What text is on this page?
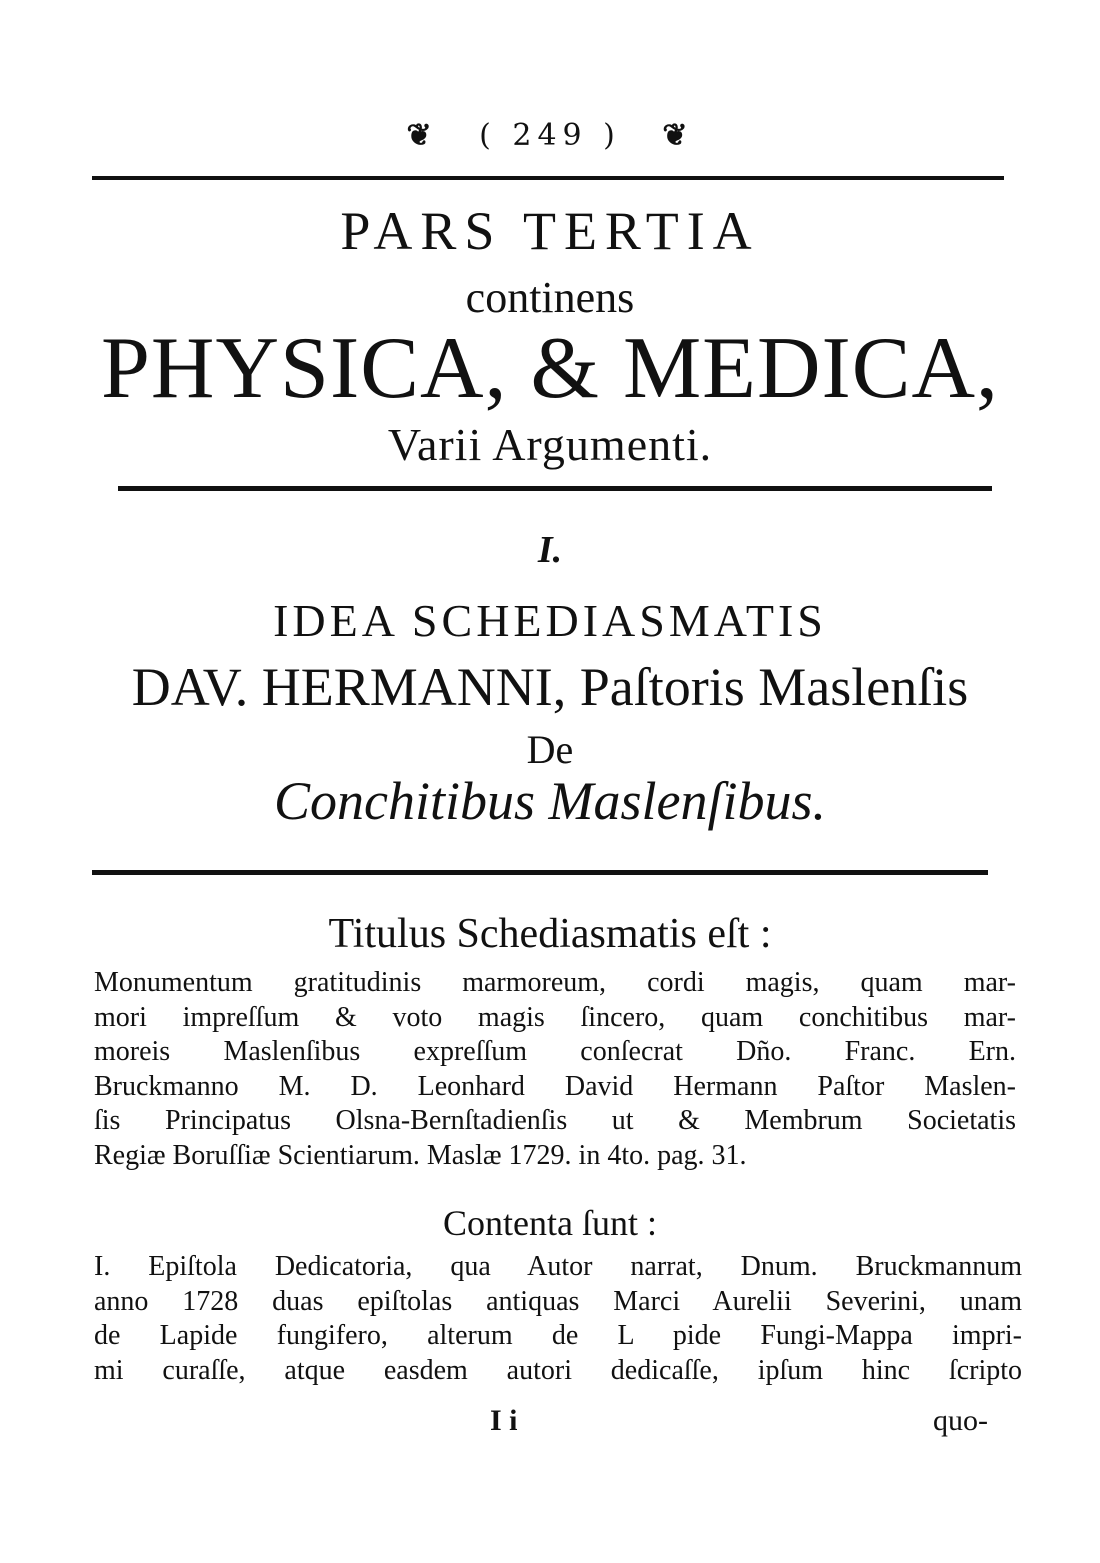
❦ ( 249 ) ❦
PARS TERTIA
continens
PHYSICA, & MEDICA,
Varii Argumenti.
I.
IDEA SCHEDIASMATIS
DAV. HERMANNI, Paſtoris Maslenſis
De
Conchitibus Maslenſibus.
Titulus Schediasmatis eſt :
Monumentum gratitudinis marmoreum, cordi magis, quam mar-
mori impreſſum & voto magis ſincero, quam conchitibus mar-
moreis Maslenſibus expreſſum conſecrat Dño. Franc. Ern.
Bruckmanno M. D. Leonhard David Hermann Paſtor Maslen-
ſis Principatus Olsna-Bernſtadienſis ut & Membrum Societatis
Regiæ Boruſſiæ Scientiarum. Maslæ 1729. in 4to. pag. 31.
Contenta ſunt :
I. Epiſtola Dedicatoria, qua Autor narrat, Dnum. Bruckmannum
anno 1728 duas epiſtolas antiquas Marci Aurelii Severini, unam
de Lapide fungifero, alterum de L pide Fungi-Mappa impri-
mi curaſſe, atque easdem autori dedicaſſe, ipſum hinc ſcripto
I i	quo-
